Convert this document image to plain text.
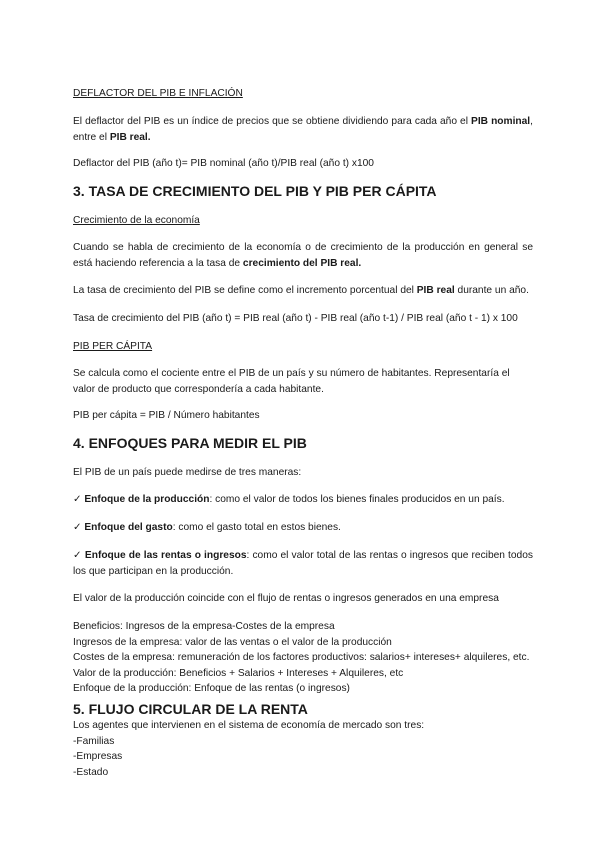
DEFLACTOR DEL PIB E INFLACIÓN
El deflactor del PIB es un índice de precios que se obtiene dividiendo para cada año el PIB nominal, entre el PIB real.
Deflactor del PIB (año t)= PIB nominal (año t)/PIB real (año t) x100
3. TASA DE CRECIMIENTO DEL PIB Y PIB PER CÁPITA
Crecimiento de la economía
Cuando se habla de crecimiento de la economía o de crecimiento de la producción en general se está haciendo referencia a la tasa de crecimiento del PIB real.
La tasa de crecimiento del PIB se define como el incremento porcentual del PIB real durante un año.
Tasa de crecimiento del PIB (año t) = PIB real (año t) - PIB real (año t-1) / PIB real (año t - 1) x 100
PIB PER CÁPITA
Se calcula como el cociente entre el PIB de un país y su número de habitantes. Representaría el valor de producto que correspondería a cada habitante.
PIB per cápita = PIB / Número habitantes
4. ENFOQUES PARA MEDIR EL PIB
El PIB de un país puede medirse de tres maneras:
✓ Enfoque de la producción: como el valor de todos los bienes finales producidos en un país.
✓ Enfoque del gasto: como el gasto total en estos bienes.
✓ Enfoque de las rentas o ingresos: como el valor total de las rentas o ingresos que reciben todos los que participan en la producción.
El valor de la producción coincide con el flujo de rentas o ingresos generados en una empresa
Beneficios: Ingresos de la empresa-Costes de la empresa
Ingresos de la empresa: valor de las ventas o el valor de la producción
Costes de la empresa: remuneración de los factores productivos: salarios+ intereses+ alquileres, etc.
Valor de la producción: Beneficios + Salarios + Intereses + Alquileres, etc
Enfoque de la producción: Enfoque de las rentas (o ingresos)
5. FLUJO CIRCULAR DE LA RENTA
Los agentes que intervienen en el sistema de economía de mercado son tres:
-Familias
-Empresas
-Estado
